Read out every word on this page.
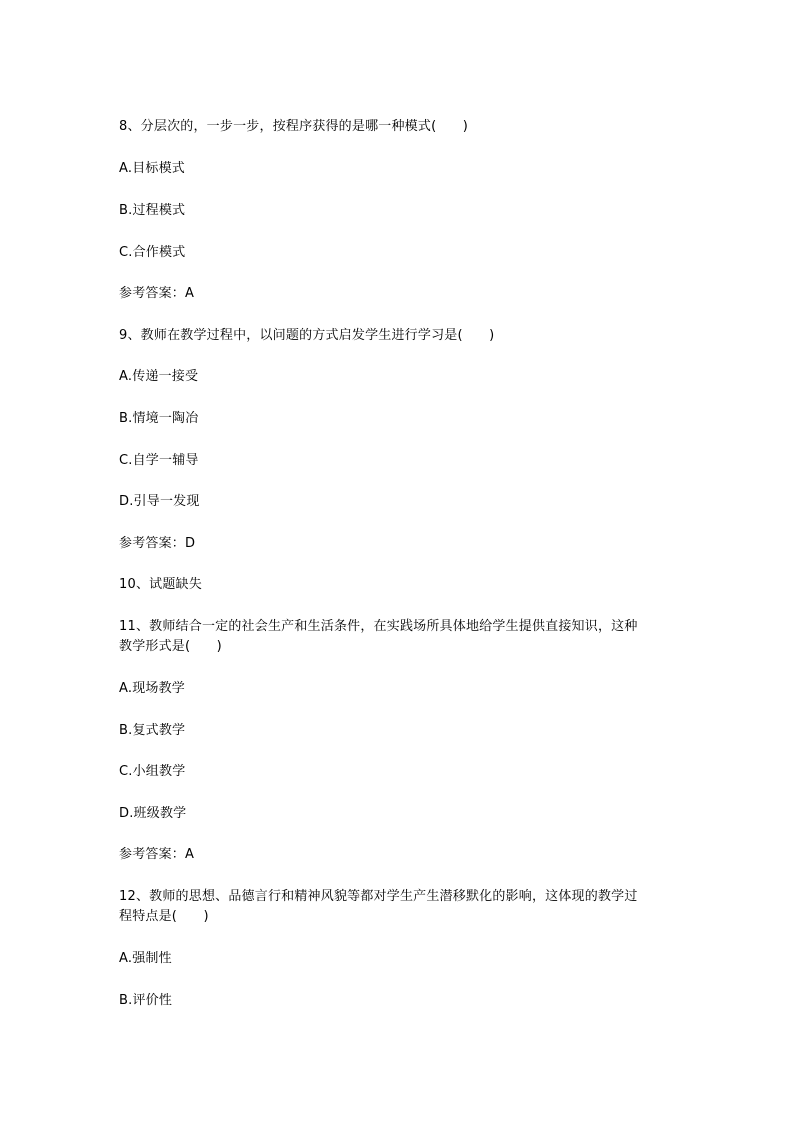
8、分层次的，一步一步，按程序获得的是哪一种模式(　　)
A.目标模式
B.过程模式
C.合作模式
参考答案：A
9、教师在教学过程中，以问题的方式启发学生进行学习是(　　)
A.传递一接受
B.情境一陶冶
C.自学一辅导
D.引导一发现
参考答案：D
10、试题缺失
11、教师结合一定的社会生产和生活条件，在实践场所具体地给学生提供直接知识，这种
教学形式是(　　)
A.现场教学
B.复式教学
C.小组教学
D.班级教学
参考答案：A
12、教师的思想、品德言行和精神风貌等都对学生产生潜移默化的影响，这体现的教学过
程特点是(　　)
A.强制性
B.评价性
